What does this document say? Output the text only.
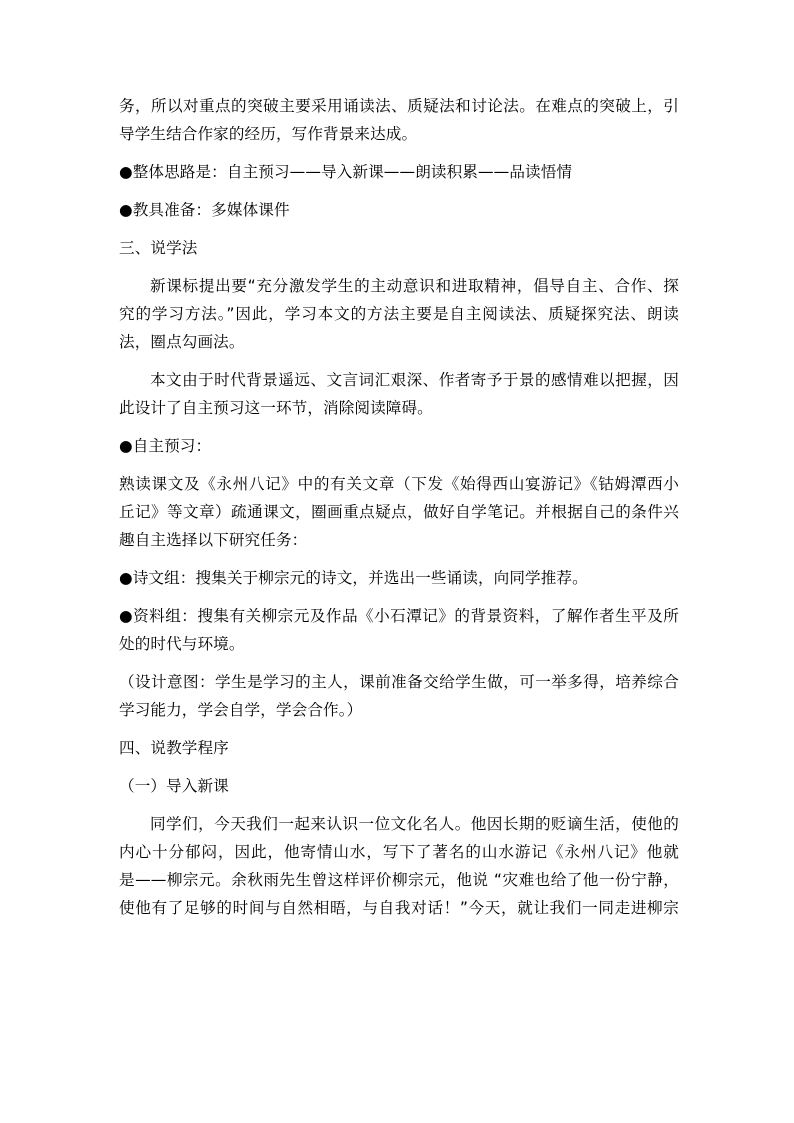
务，所以对重点的突破主要采用诵读法、质疑法和讨论法。在难点的突破上，引
导学生结合作家的经历，写作背景来达成。

●整体思路是：自主预习——导入新课——朗读积累——品读悟情

●教具准备：多媒体课件

三、说学法

新课标提出要“充分激发学生的主动意识和进取精神，倡导自主、合作、探
究的学习方法。”因此，学习本文的方法主要是自主阅读法、质疑探究法、朗读
法，圈点勾画法。

本文由于时代背景遥远、文言词汇艰深、作者寄予于景的感情难以把握，因
此设计了自主预习这一环节，消除阅读障碍。

●自主预习：

熟读课文及《永州八记》中的有关文章（下发《始得西山宴游记》《钴姆潭西小
丘记》等文章）疏通课文，圈画重点疑点，做好自学笔记。并根据自己的条件兴
趣自主选择以下研究任务：

●诗文组：搜集关于柳宗元的诗文，并选出一些诵读，向同学推荐。

●资料组：搜集有关柳宗元及作品《小石潭记》的背景资料，了解作者生平及所
处的时代与环境。

（设计意图：学生是学习的主人，课前准备交给学生做，可一举多得，培养综合
学习能力，学会自学，学会合作。）

四、说教学程序

（一）导入新课

同学们，今天我们一起来认识一位文化名人。他因长期的贬谪生活，使他的
内心十分郁闷，因此，他寄情山水，写下了著名的山水游记《永州八记》他就
是——柳宗元。余秋雨先生曾这样评价柳宗元，他说 “灾难也给了他一份宁静，
使他有了足够的时间与自然相晤，与自我对话！”今天，就让我们一同走进柳宗
